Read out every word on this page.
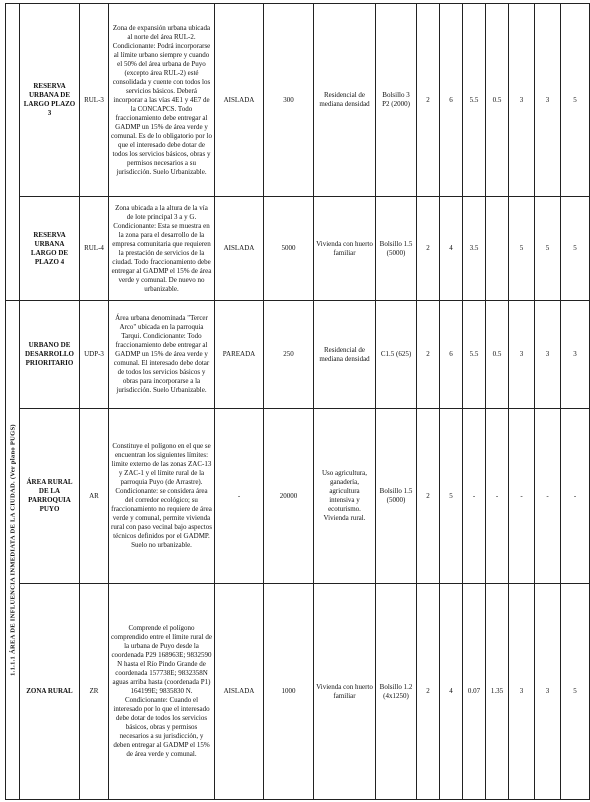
	RESERVA URBANA DE LARGO PLAZO 3	RUL-3	Zona de expansión urbana ubicada al norte del área RUL-2. Condicionante: Podrá incorporarse al límite urbano siempre y cuando el 50% del área urbana de Puyo (excepto área RUL-2) esté consolidada y cuente con todos los servicios básicos. Deberá incorporar a las vías 4E1 y 4E7 de la CONCAPCS. Todo fraccionamiento debe entregar al GADMP un 15% de área verde y comunal. Es de lo obligatorio por lo que el interesado debe dotar de todos los servicios básicos, obras y permisos necesarios a su jurisdicción. Suelo Urbanizable.	AISLADA	300	Residencial de mediana densidad	Bolsillo 3 P2 (2000)	2	6	5.5	0.5	3	3	5
	RESERVA URBANA LARGO DE PLAZO 4	RUL-4	Zona ubicada a la altura de la vía de lote principal 3 a y G. Condicionante: Esta se muestra en la zona para el desarrollo de la empresa comunitaria que requieren la prestación de servicios de la ciudad. Todo fraccionamiento debe entregar al GADMP el 15% de área verde y comunal. De nuevo no urbanizable.	AISLADA	5000	Vivienda con huerto familiar	Bolsillo 1.5 (5000)	2	4	3.5		5	5	5

1.1.1.1 ÁREA DE INFLUENCIA INMEDIATA DE LA CIUDAD. (Ver plano PUGS)	URBANO DE DESARROLLO PRIORITARIO	UDP-3	Área urbana denominada "Tercer Arco" ubicada en la parroquia Tarqui. Condicionante: Todo fraccionamiento debe entregar al GADMP un 15% de área verde y comunal. El interesado debe dotar de todos los servicios básicos y obras para incorporarse a la jurisdicción. Suelo Urbanizable.	PAREADA	250	Residencial de mediana densidad	C1.5 (625)	2	6	5.5	0.5	3	3	3
	ÁREA RURAL DE LA PARROQUIA PUYO	AR	Constituye el polígono en el que se encuentran los siguientes límites: limite externo de las zonas ZAC-13 y ZAC-1 y el límite rural de la parroquia Puyo (de Arrastre). Condicionante: se considera área del corredor ecológico; su fraccionamiento no requiere de área verde y comunal, permite vivienda rural con paso vecinal bajo aspectos técnicos definidos por el GADMP. Suelo no urbanizable.	-	20000	Uso agricultura, ganadería, agricultura intensiva y ecoturismo. Vivienda rural.	Bolsillo 1.5 (5000)	2	5	-	-	-	-	-
	ZONA RURAL	ZR	Comprende el polígono comprendido entre el límite rural de la urbana de Puyo desde la coordenada P29 168963E; 9832590 N hasta el Río Pindo Grande de coordenada 157738E; 9832358N aguas arriba hasta (coordenada P1) 164199E; 9835830 N. Condicionante: Cuando el interesado por lo que el interesado debe dotar de todos los servicios básicos, obras y permisos necesarios a su jurisdicción, y deben entregar al GADMP el 15% de área verde y comunal.	AISLADA	1000	Vivienda con huerto familiar	Bolsillo 1.2 (4x1250)	2	4	0.07	1.35	3	3	5
